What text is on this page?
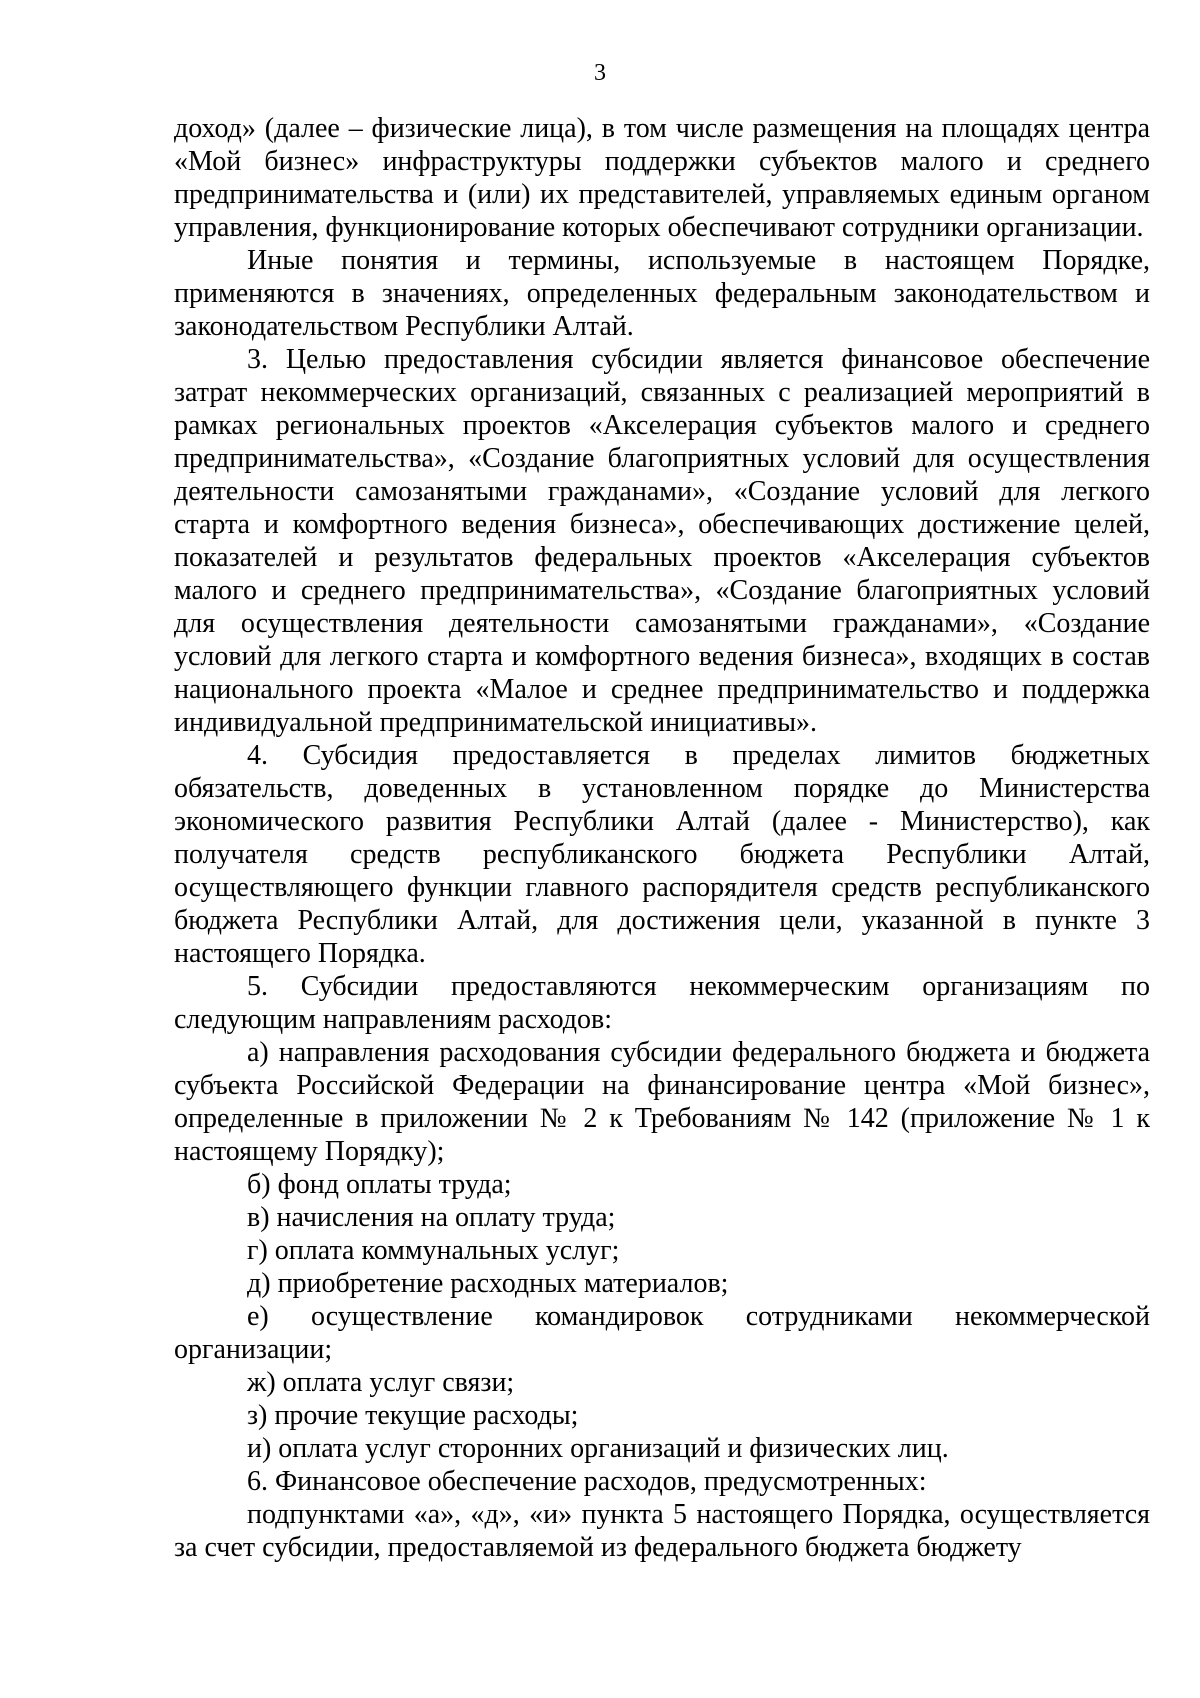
3

доход» (далее – физические лица), в том числе размещения на площадях центра «Мой бизнес» инфраструктуры поддержки субъектов малого и среднего предпринимательства и (или) их представителей, управляемых единым органом управления, функционирование которых обеспечивают сотрудники организации.

Иные понятия и термины, используемые в настоящем Порядке, применяются в значениях, определенных федеральным законодательством и законодательством Республики Алтай.

3. Целью предоставления субсидии является финансовое обеспечение затрат некоммерческих организаций, связанных с реализацией мероприятий в рамках региональных проектов «Акселерация субъектов малого и среднего предпринимательства», «Создание благоприятных условий для осуществления деятельности самозанятыми гражданами», «Создание условий для легкого старта и комфортного ведения бизнеса», обеспечивающих достижение целей, показателей и результатов федеральных проектов «Акселерация субъектов малого и среднего предпринимательства», «Создание благоприятных условий для осуществления деятельности самозанятыми гражданами», «Создание условий для легкого старта и комфортного ведения бизнеса», входящих в состав национального проекта «Малое и среднее предпринимательство и поддержка индивидуальной предпринимательской инициативы».

4. Субсидия предоставляется в пределах лимитов бюджетных обязательств, доведенных в установленном порядке до Министерства экономического развития Республики Алтай (далее - Министерство), как получателя средств республиканского бюджета Республики Алтай, осуществляющего функции главного распорядителя средств республиканского бюджета Республики Алтай, для достижения цели, указанной в пункте 3 настоящего Порядка.

5. Субсидии предоставляются некоммерческим организациям по следующим направлениям расходов:

а) направления расходования субсидии федерального бюджета и бюджета субъекта Российской Федерации на финансирование центра «Мой бизнес», определенные в приложении № 2 к Требованиям № 142 (приложение № 1 к настоящему Порядку);

б) фонд оплаты труда;

в) начисления на оплату труда;

г) оплата коммунальных услуг;

д) приобретение расходных материалов;

е) осуществление командировок сотрудниками некоммерческой организации;

ж) оплата услуг связи;

з) прочие текущие расходы;

и) оплата услуг сторонних организаций и физических лиц.

6. Финансовое обеспечение расходов, предусмотренных:

подпунктами «а», «д», «и» пункта 5 настоящего Порядка, осуществляется за счет субсидии, предоставляемой из федерального бюджета бюджету
